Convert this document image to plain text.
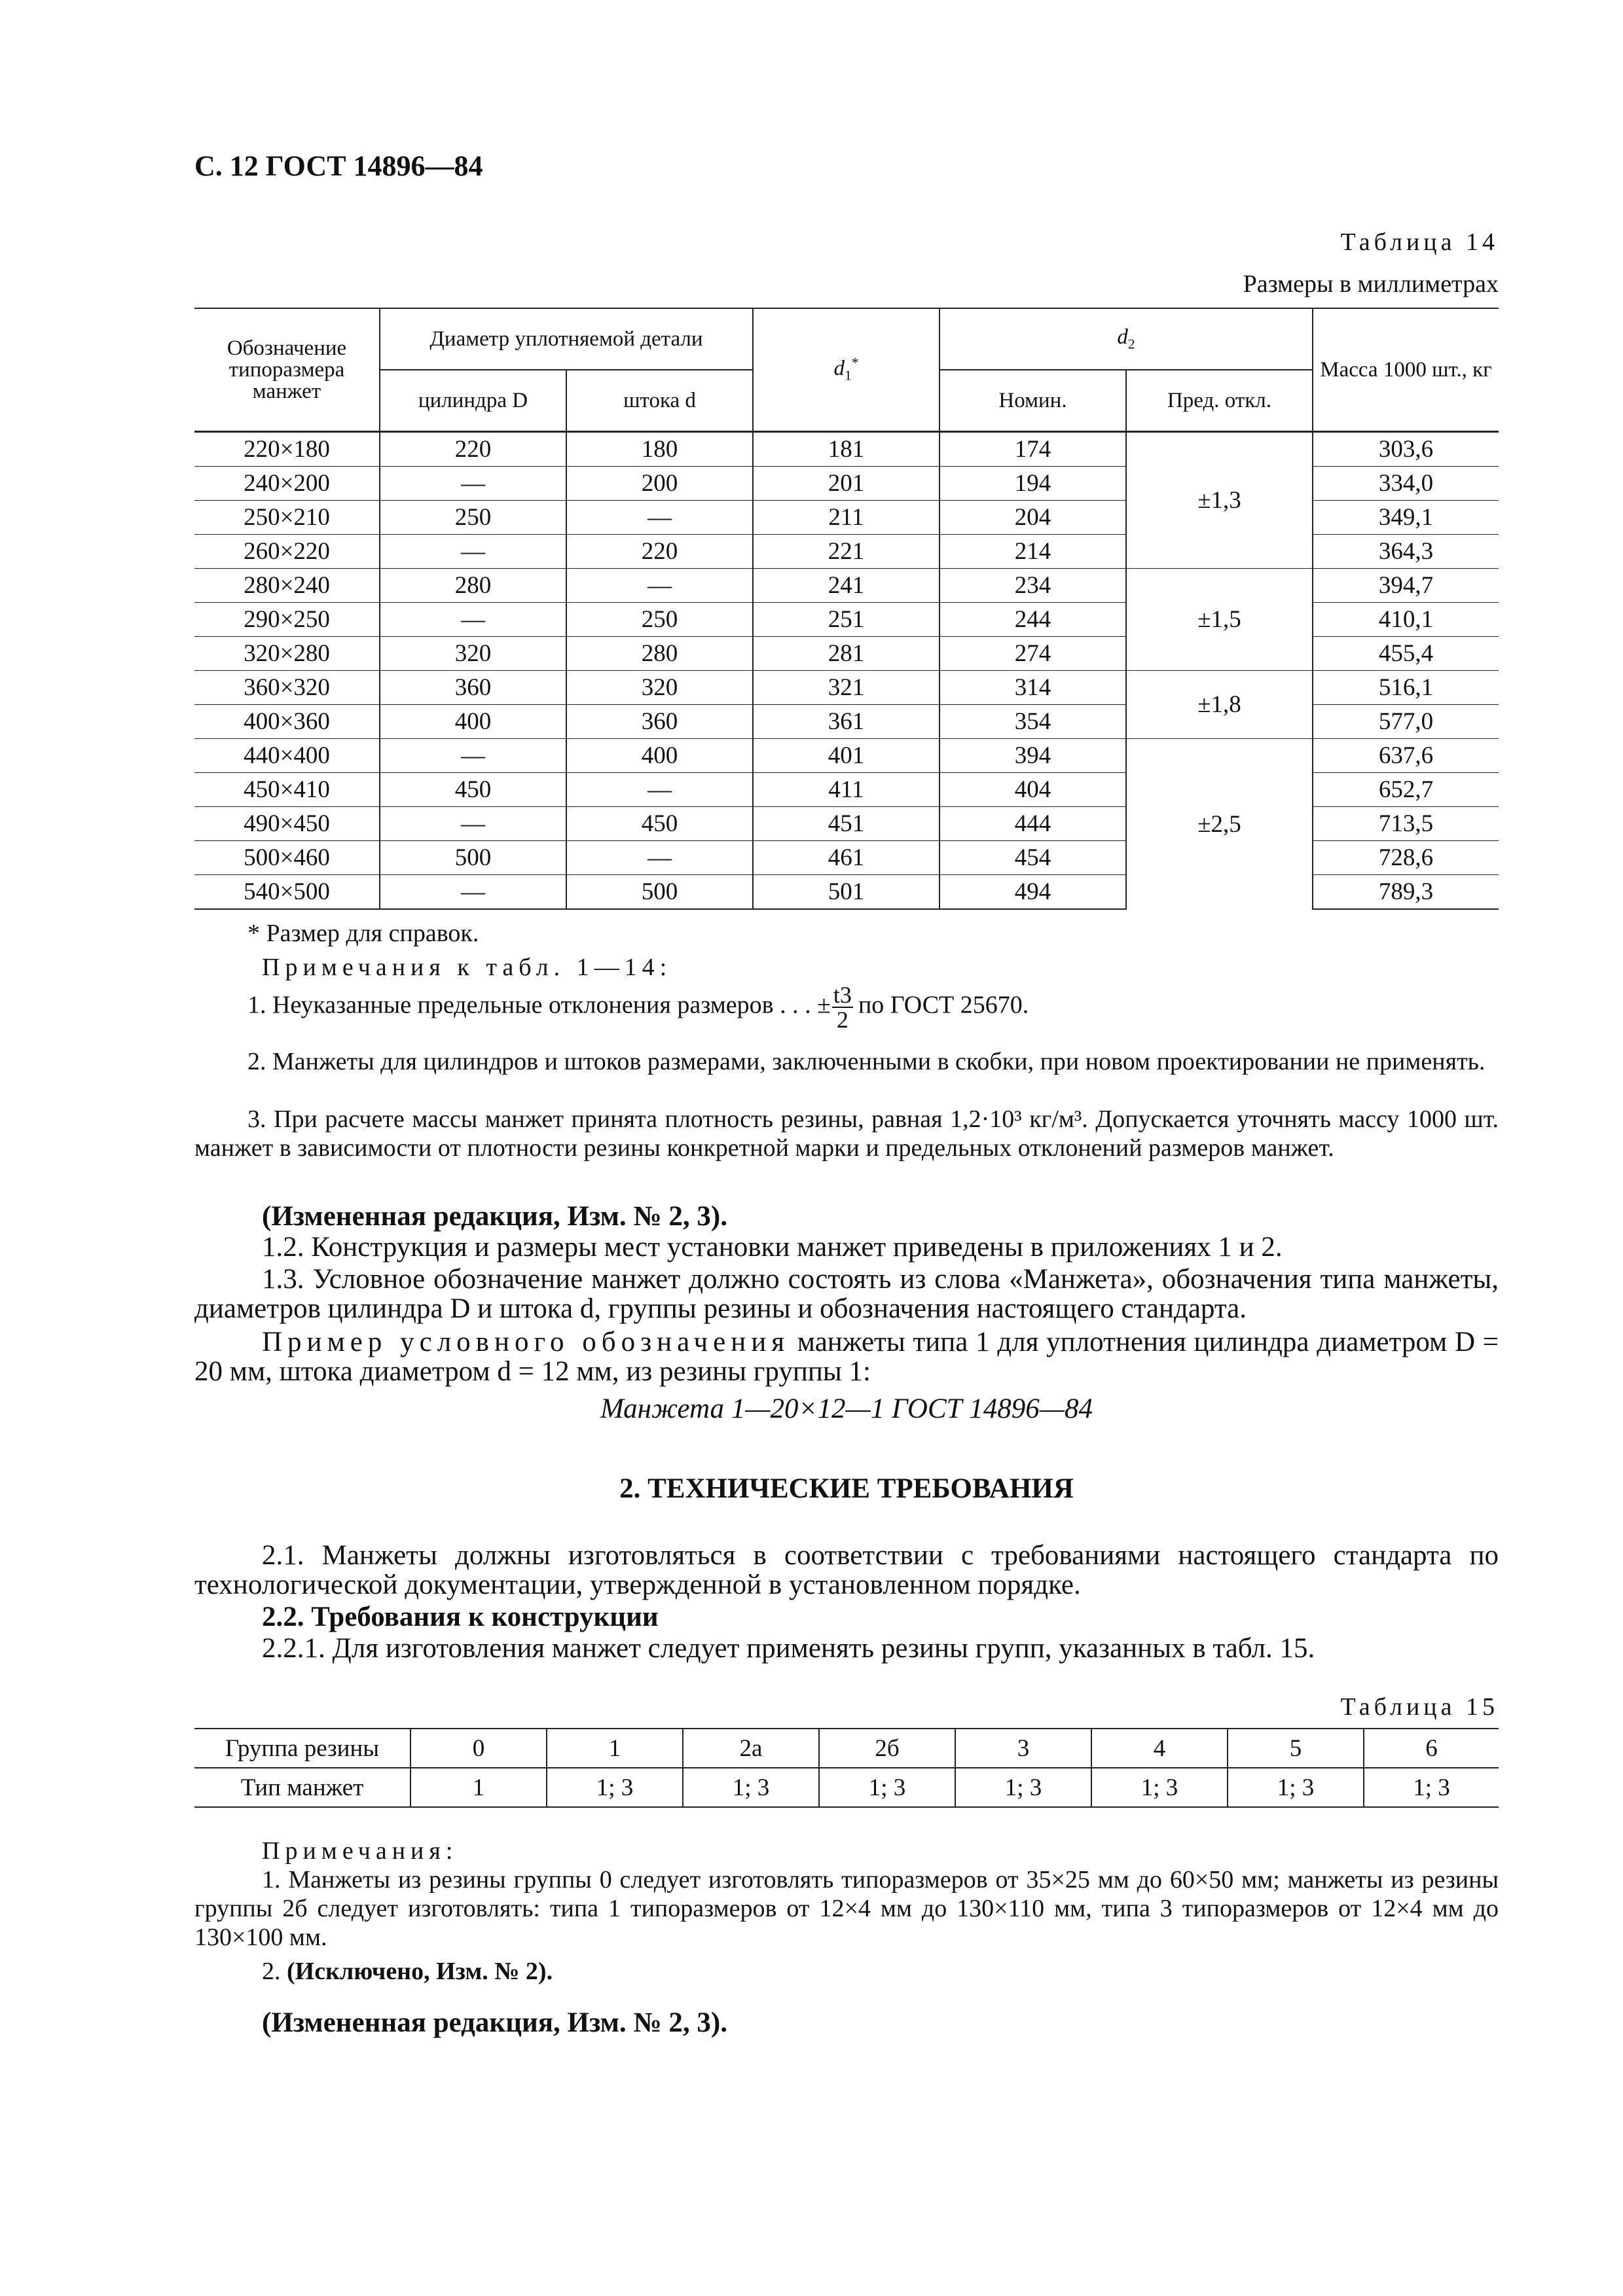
С. 12 ГОСТ 14896—84
Таблица 14
Размеры в миллиметрах
Обозначение типоразмера манжет	Диаметр уплотняемой детали		$d_1^*$	$d_2$		Масса 1000 шт., кг
	цилиндра D	штока d		Номин.	Пред. откл.	
220×180	220	180	181	174	±1,3	303,6
240×200	—	200	201	194		334,0
250×210	250	—	211	204		349,1
260×220	—	220	221	214		364,3
280×240	280	—	241	234	±1,5	394,7
290×250	—	250	251	244		410,1
320×280	320	280	281	274		455,4
360×320	360	320	321	314	±1,8	516,1
400×360	400	360	361	354		577,0
440×400	—	400	401	394	±2,5	637,6
450×410	450	—	411	404		652,7
490×450	—	450	451	444		713,5
500×460	500	—	461	454		728,6
540×500	—	500	501	494		789,3
* Размер для справок.
Примечания к табл. 1—14:
1. Неуказанные предельные отклонения размеров . . . ± $\frac{t3}{2}$ по ГОСТ 25670.
2. Манжеты для цилиндров и штоков размерами, заключенными в скобки, при новом проектировании не применять.
3. При расчете массы манжет принята плотность резины, равная 1,2·10³ кг/м³. Допускается уточнять массу 1000 шт. манжет в зависимости от плотности резины конкретной марки и предельных отклонений размеров манжет.
(Измененная редакция, Изм. № 2, 3).
1.2. Конструкция и размеры мест установки манжет приведены в приложениях 1 и 2.
1.3. Условное обозначение манжет должно состоять из слова «Манжета», обозначения типа манжеты, диаметров цилиндра D и штока d, группы резины и обозначения настоящего стандарта.
Пример условного обозначения манжеты типа 1 для уплотнения цилиндра диаметром D = 20 мм, штока диаметром d = 12 мм, из резины группы 1:
Манжета 1—20×12—1 ГОСТ 14896—84
2. ТЕХНИЧЕСКИЕ ТРЕБОВАНИЯ
2.1. Манжеты должны изготовляться в соответствии с требованиями настоящего стандарта по технологической документации, утвержденной в установленном порядке.
2.2. Требования к конструкции
2.2.1. Для изготовления манжет следует применять резины групп, указанных в табл. 15.
Таблица 15
Группа резины	0	1	2а	2б	3	4	5	6
Тип манжет	1	1; 3	1; 3	1; 3	1; 3	1; 3	1; 3	1; 3
Примечания:
1. Манжеты из резины группы 0 следует изготовлять типоразмеров от 35×25 мм до 60×50 мм; манжеты из резины группы 2б следует изготовлять: типа 1 типоразмеров от 12×4 мм до 130×110 мм, типа 3 типоразмеров от 12×4 мм до 130×100 мм.
2. (Исключено, Изм. № 2).
(Измененная редакция, Изм. № 2, 3).
